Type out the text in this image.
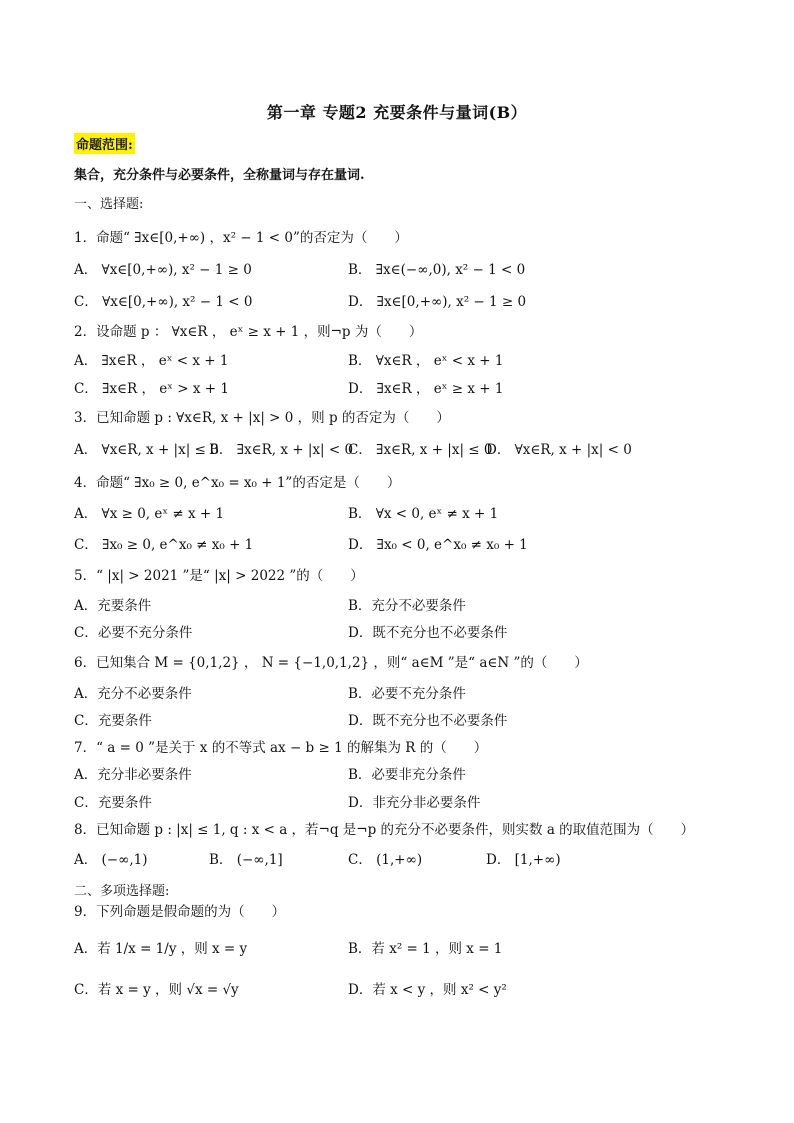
第一章 专题2 充要条件与量词(B）
命题范围:
集合，充分条件与必要条件，全称量词与存在量词.
一、选择题:
1．命题“ ∃x∈[0,+∞) ，x² − 1 < 0”的否定为（　　）
A． ∀x∈[0,+∞), x² − 1 ≥ 0	B． ∃x∈(−∞,0), x² − 1 < 0
C． ∀x∈[0,+∞), x² − 1 < 0	D． ∃x∈[0,+∞), x² − 1 ≥ 0
2．设命题 p ： ∀x∈R ， eˣ ≥ x + 1 ，则¬p 为（　　）
A． ∃x∈R ， eˣ < x + 1	B． ∀x∈R ， eˣ < x + 1
C． ∃x∈R ， eˣ > x + 1	D． ∃x∈R ， eˣ ≥ x + 1
3．已知命题 p : ∀x∈R, x + |x| > 0 ，则 p 的否定为（　　）
A． ∀x∈R, x + |x| ≤ 0
B． ∃x∈R, x + |x| < 0
C． ∃x∈R, x + |x| ≤ 0
D． ∀x∈R, x + |x| < 0
4．命题“ ∃x₀ ≥ 0, e^x₀ = x₀ + 1”的否定是（　　）
A． ∀x ≥ 0, eˣ ≠ x + 1	B． ∀x < 0, eˣ ≠ x + 1
C． ∃x₀ ≥ 0, e^x₀ ≠ x₀ + 1	D． ∃x₀ < 0, e^x₀ ≠ x₀ + 1
5．“ |x| > 2021 ”是“ |x| > 2022 ”的（　　）
A．充要条件	B．充分不必要条件
C．必要不充分条件	D．既不充分也不必要条件
6．已知集合 M = {0,1,2} ， N = {−1,0,1,2} ，则“ a∈M ”是“ a∈N ”的（　　）
A．充分不必要条件	B．必要不充分条件
C．充要条件	D．既不充分也不必要条件
7．“ a = 0 ”是关于 x 的不等式 ax − b ≥ 1 的解集为 R 的（　　）
A．充分非必要条件	B．必要非充分条件
C．充要条件	D．非充分非必要条件
8．已知命题 p : |x| ≤ 1, q : x < a ，若¬q 是¬p 的充分不必要条件，则实数 a 的取值范围为（　　）
A． (−∞,1)	B． (−∞,1]	C． (1,+∞)	D． [1,+∞)
二、多项选择题:
9．下列命题是假命题的为（　　）
A．若 1/x = 1/y ，则 x = y	B．若 x² = 1 ，则 x = 1
C．若 x = y ，则 √x = √y	D．若 x < y ，则 x² < y²
